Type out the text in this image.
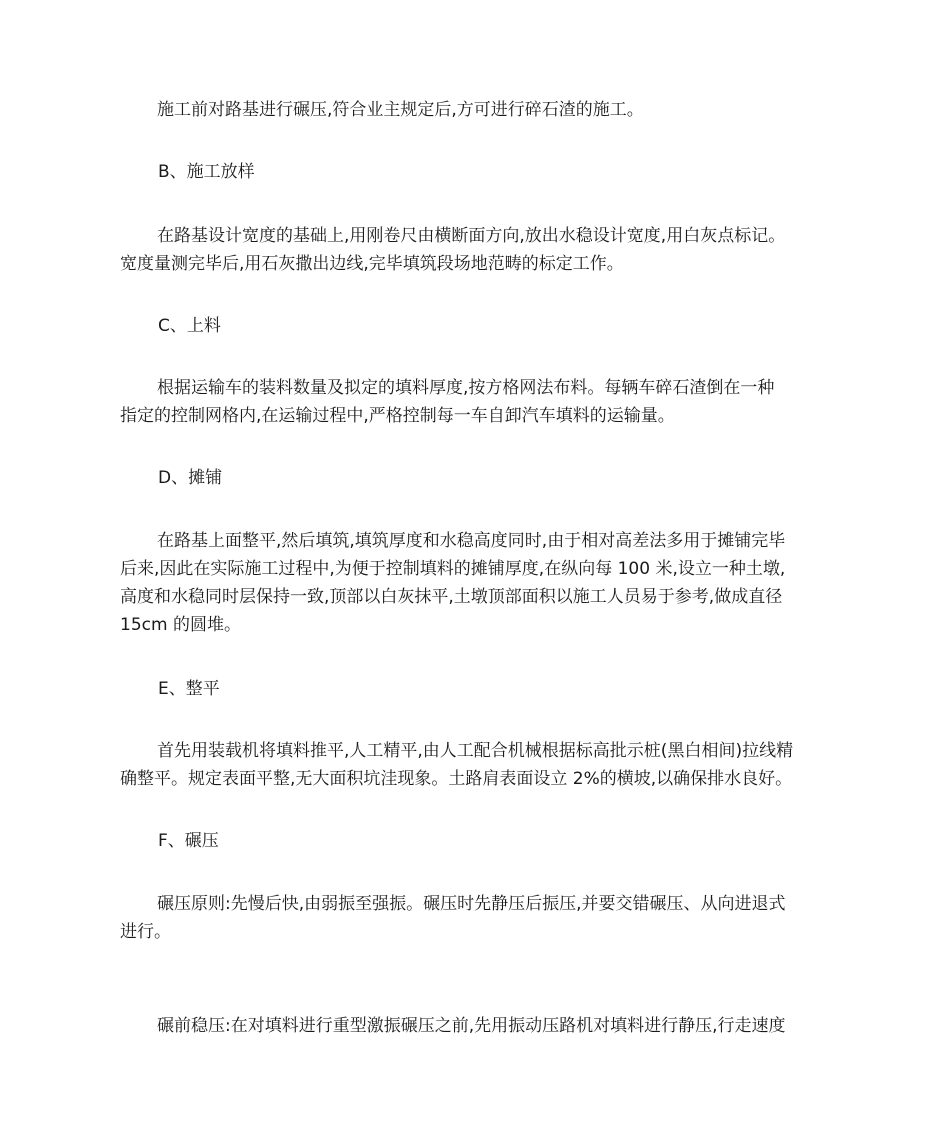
施工前对路基进行碾压,符合业主规定后,方可进行碎石渣的施工。
B、施工放样
在路基设计宽度的基础上,用刚卷尺由横断面方向,放出水稳设计宽度,用白灰点标记。
宽度量测完毕后,用石灰撒出边线,完毕填筑段场地范畴的标定工作。
C、上料
根据运输车的装料数量及拟定的填料厚度,按方格网法布料。每辆车碎石渣倒在一种
指定的控制网格内,在运输过程中,严格控制每一车自卸汽车填料的运输量。
D、摊铺
在路基上面整平,然后填筑,填筑厚度和水稳高度同时,由于相对高差法多用于摊铺完毕
后来,因此在实际施工过程中,为便于控制填料的摊铺厚度,在纵向每 100 米,设立一种土墩,
高度和水稳同时层保持一致,顶部以白灰抹平,土墩顶部面积以施工人员易于参考,做成直径
15cm 的圆堆。
E、整平
首先用装载机将填料推平,人工精平,由人工配合机械根据标高批示桩(黑白相间)拉线精
确整平。规定表面平整,无大面积坑洼现象。土路肩表面设立 2%的横坡,以确保排水良好。
F、碾压
碾压原则:先慢后快,由弱振至强振。碾压时先静压后振压,并要交错碾压、从向进退式
进行。
碾前稳压:在对填料进行重型激振碾压之前,先用振动压路机对填料进行静压,行走速度
